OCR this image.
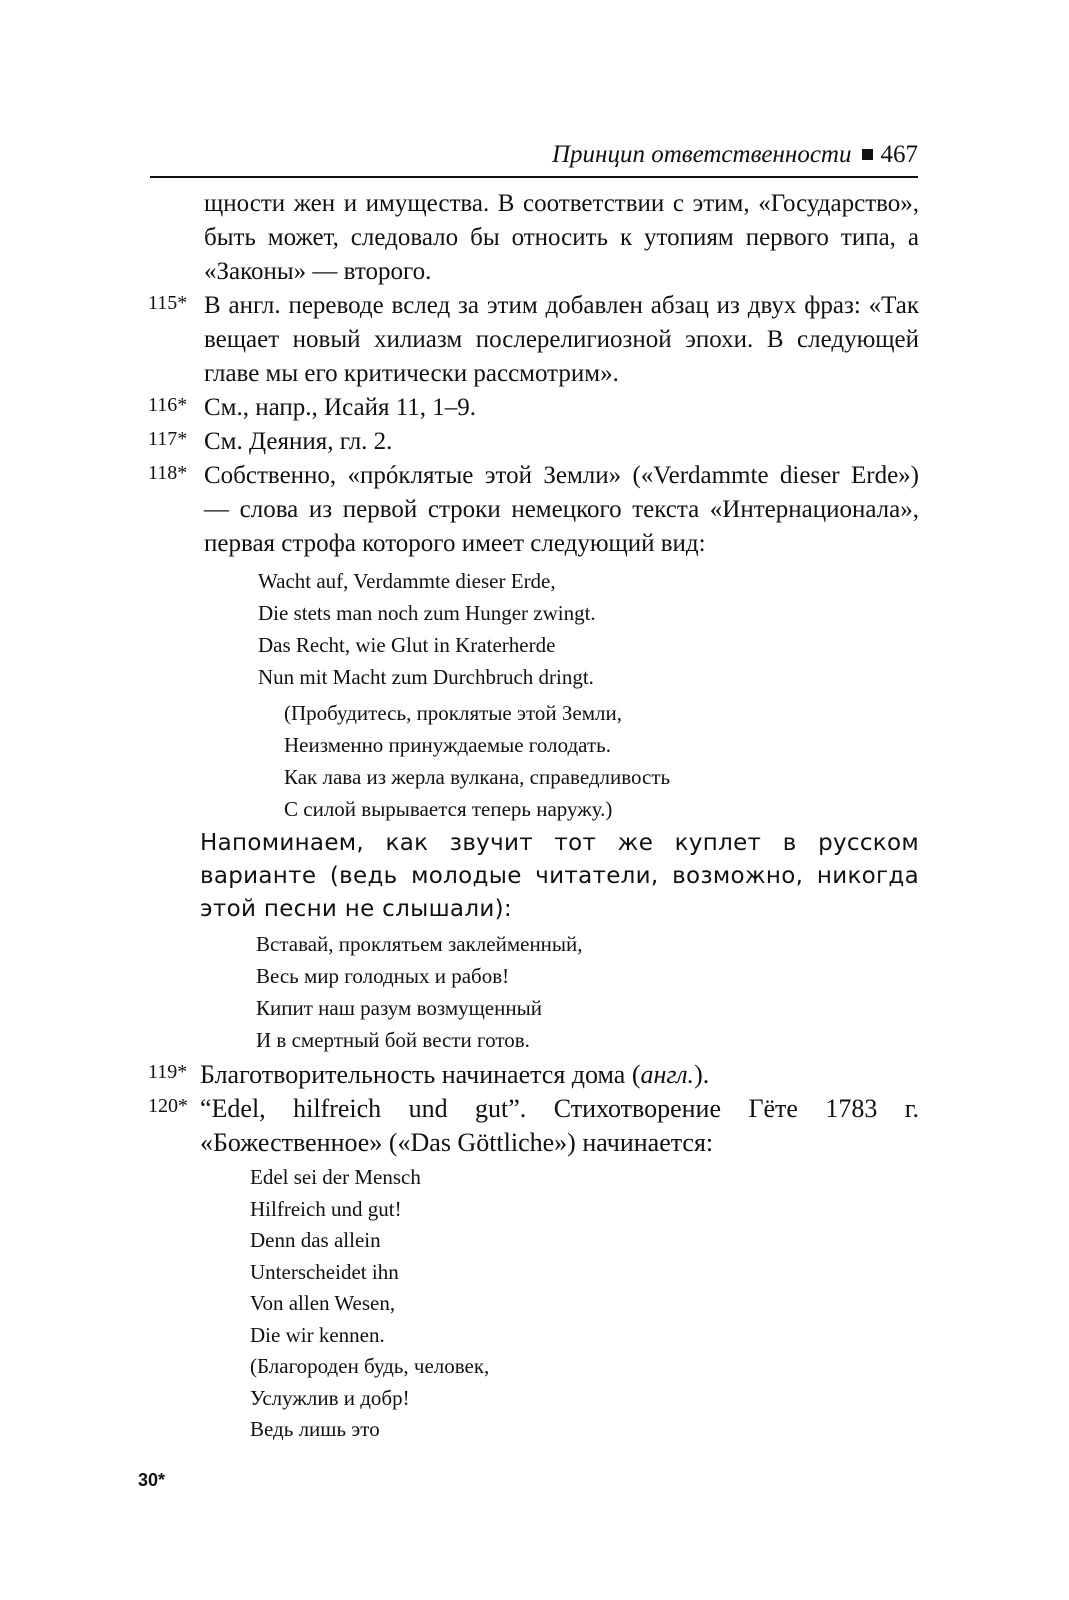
Принцип ответственности 467

щности жен и имущества. В соответствии с этим, «Государство», быть может, следовало бы относить к утопиям первого типа, а «Законы» — второго.

115* В англ. переводе вслед за этим добавлен абзац из двух фраз: «Так вещает новый хилиазм послерелигиозной эпохи. В следующей главе мы его критически рассмотрим».

116* См., напр., Исайя 11, 1–9.

117* См. Деяния, гл. 2.

118* Собственно, «прóклятые этой Земли» («Verdammte dieser Erde») — слова из первой строки немецкого текста «Интернационала», первая строфа которого имеет следующий вид:

Wacht auf, Verdammte dieser Erde,
Die stets man noch zum Hunger zwingt.
Das Recht, wie Glut in Kraterherde
Nun mit Macht zum Durchbruch dringt.
(Пробудитесь, проклятые этой Земли,
Неизменно принуждаемые голодать.
Как лава из жерла вулкана, справедливость
С силой вырывается теперь наружу.)

Напоминаем, как звучит тот же куплет в русском варианте (ведь молодые читатели, возможно, никогда этой песни не слышали):

Вставай, проклятьем заклейменный,
Весь мир голодных и рабов!
Кипит наш разум возмущенный
И в смертный бой вести готов.
119* Благотворительность начинается дома (англ.).

120* “Edel, hilfreich und gut”. Стихотворение Гёте 1783 г. «Божественное» («Das Göttliche») начинается:

Edel sei der Mensch
Hilfreich und gut!
Denn das allein
Unterscheidet ihn
Von allen Wesen,
Die wir kennen.
(Благороден будь, человек,
Услужлив и добр!
Ведь лишь это
30*
